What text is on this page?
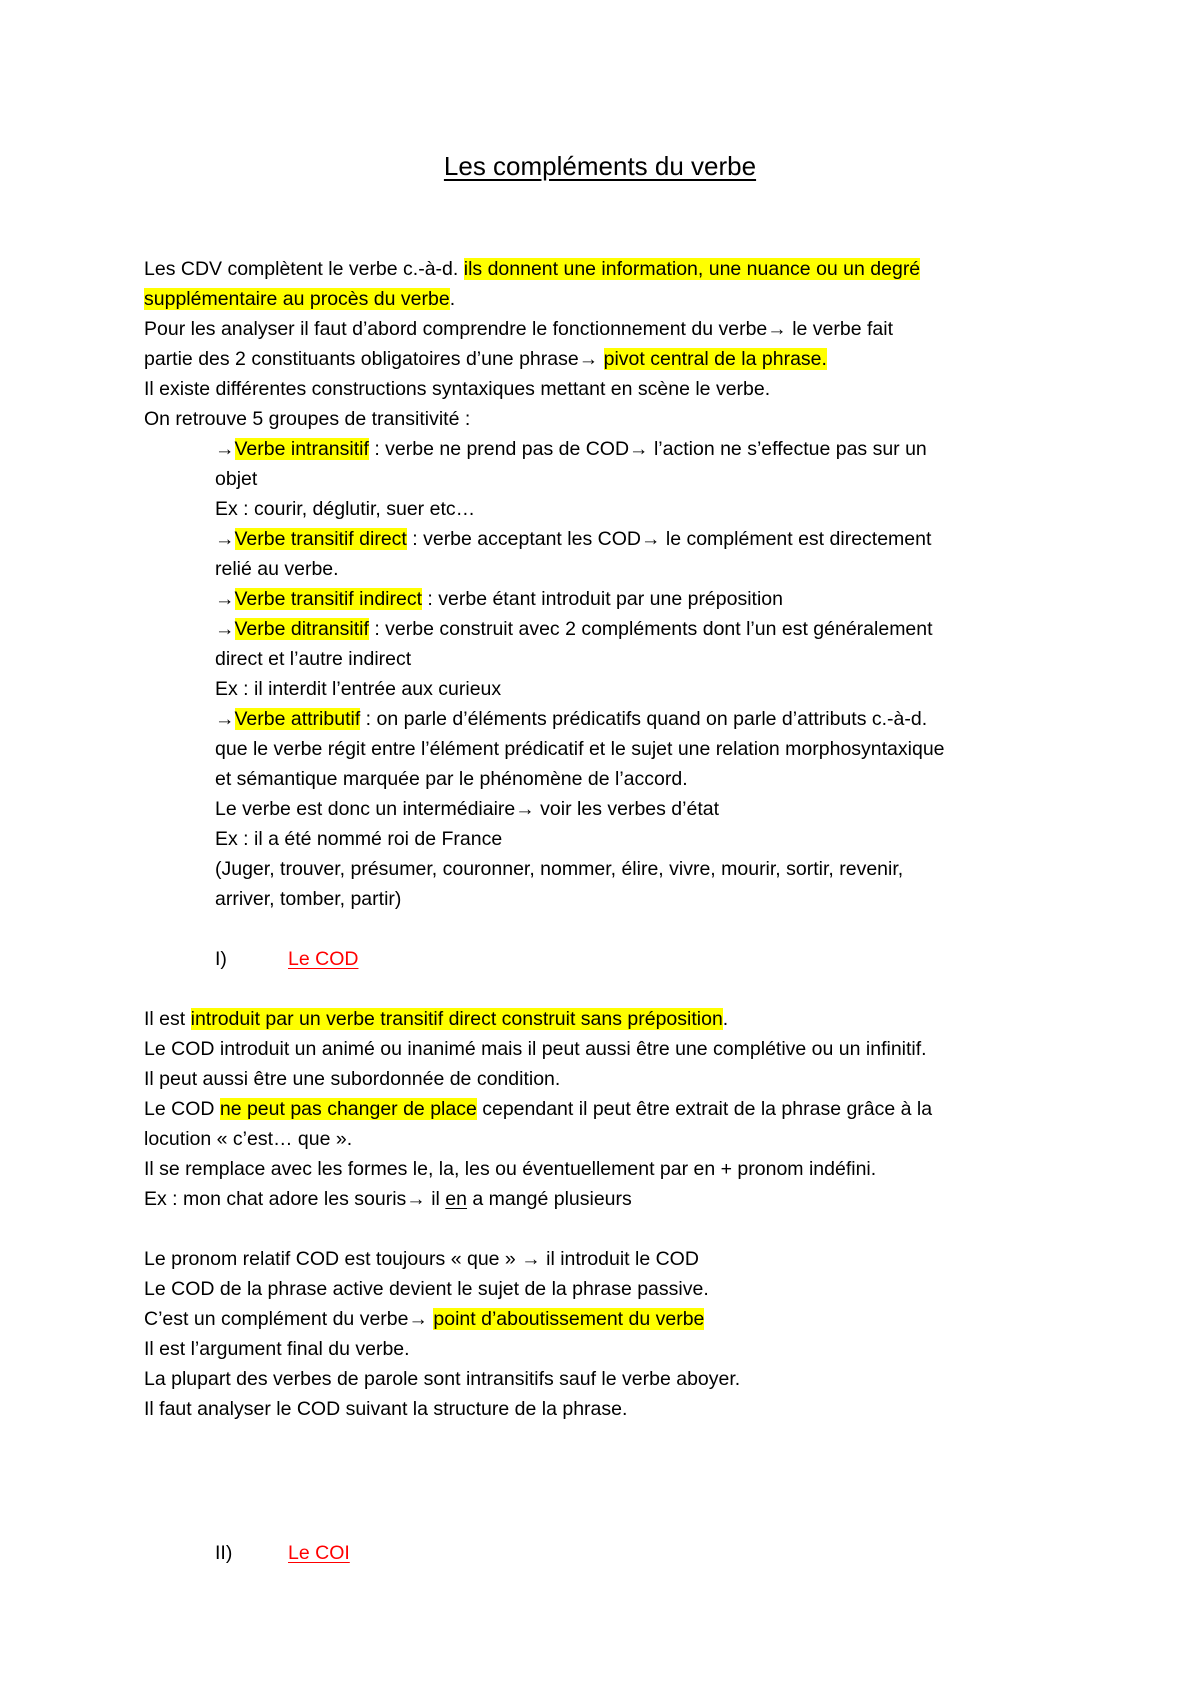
Les compléments du verbe
Les CDV complètent le verbe c.-à-d. ils donnent une information, une nuance ou un degré
supplémentaire au procès du verbe.
Pour les analyser il faut d’abord comprendre le fonctionnement du verbe→ le verbe fait
partie des 2 constituants obligatoires d’une phrase→ pivot central de la phrase.
Il existe différentes constructions syntaxiques mettant en scène le verbe.
On retrouve 5 groupes de transitivité :
→Verbe intransitif : verbe ne prend pas de COD→ l’action ne s’effectue pas sur un
objet
Ex : courir, déglutir, suer etc…
→Verbe transitif direct : verbe acceptant les COD→ le complément est directement
relié au verbe.
→Verbe transitif indirect : verbe étant introduit par une préposition
→Verbe ditransitif : verbe construit avec 2 compléments dont l’un est généralement
direct et l’autre indirect
Ex : il interdit l’entrée aux curieux
→Verbe attributif : on parle d’éléments prédicatifs quand on parle d’attributs c.-à-d.
que le verbe régit entre l’élément prédicatif et le sujet une relation morphosyntaxique
et sémantique marquée par le phénomène de l’accord.
Le verbe est donc un intermédiaire→ voir les verbes d’état
Ex : il a été nommé roi de France
(Juger, trouver, présumer, couronner, nommer, élire, vivre, mourir, sortir, revenir,
arriver, tomber, partir)
I)	Le COD
Il est introduit par un verbe transitif direct construit sans préposition.
Le COD introduit un animé ou inanimé mais il peut aussi être une complétive ou un infinitif.
Il peut aussi être une subordonnée de condition.
Le COD ne peut pas changer de place cependant il peut être extrait de la phrase grâce à la
locution « c’est… que ».
Il se remplace avec les formes le, la, les ou éventuellement par en + pronom indéfini.
Ex : mon chat adore les souris→ il en a mangé plusieurs
Le pronom relatif COD est toujours « que » → il introduit le COD
Le COD de la phrase active devient le sujet de la phrase passive.
C’est un complément du verbe→ point d’aboutissement du verbe
Il est l’argument final du verbe.
La plupart des verbes de parole sont intransitifs sauf le verbe aboyer.
Il faut analyser le COD suivant la structure de la phrase.
II)	Le COI
